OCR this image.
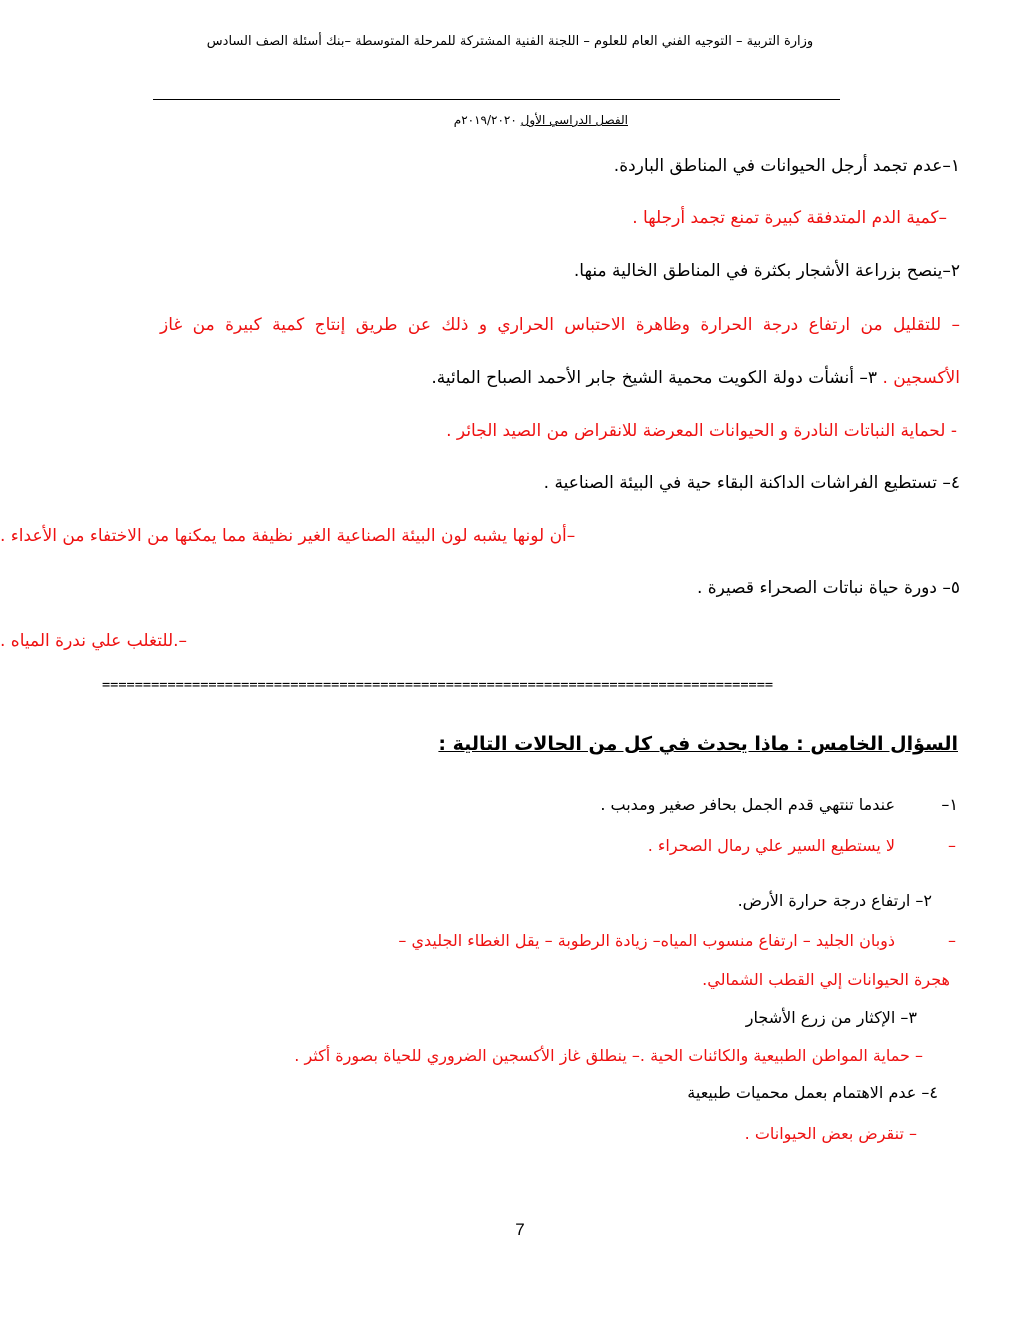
وزارة التربية – التوجيه الفني العام للعلوم – اللجنة الفنية المشتركة للمرحلة المتوسطة –بنك أسئلة الصف السادس
الفصل الدراسي الأول ٢٠١٩/٢٠٢٠م
١–عدم تجمد أرجل الحيوانات في المناطق الباردة.
–كمية الدم المتدفقة كبيرة تمنع تجمد أرجلها .
٢–ينصح بزراعة الأشجار بكثرة في المناطق الخالية منها.
– للتقليل من ارتفاع درجة الحرارة وظاهرة الاحتباس الحراري و ذلك عن طريق إنتاج كمية كبيرة من غاز
الأكسجين . ٣– أنشأت دولة الكويت محمية الشيخ جابر الأحمد الصباح المائية.
- لحماية النباتات النادرة و الحيوانات المعرضة للانقراض من الصيد الجائر .
٤– تستطيع الفراشات الداكنة البقاء حية في البيئة الصناعية .
–أن لونها يشبه لون البيئة الصناعية الغير نظيفة مما يمكنها من الاختفاء من الأعداء .
٥– دورة حياة نباتات الصحراء قصيرة .
–.للتغلب علي ندرة المياه .
==================================================================================
السؤال الخامس : ماذا يحدث في كل من الحالات التالية :
١–
عندما تنتهي قدم الجمل بحافر صغير ومدبب .
–
لا يستطيع السير علي رمال الصحراء .
٢– ارتفاع درجة حرارة الأرض.
–
ذوبان الجليد – ارتفاع منسوب المياه– زيادة الرطوبة – يقل الغطاء الجليدي –
هجرة الحيوانات إلي القطب الشمالي.
٣– الإكثار من زرع الأشجار
– حماية المواطن الطبيعية والكائنات الحية .– ينطلق غاز الأكسجين الضروري للحياة بصورة أكثر .
٤– عدم الاهتمام بعمل محميات طبيعية
– تنقرض بعض الحيوانات .
7
